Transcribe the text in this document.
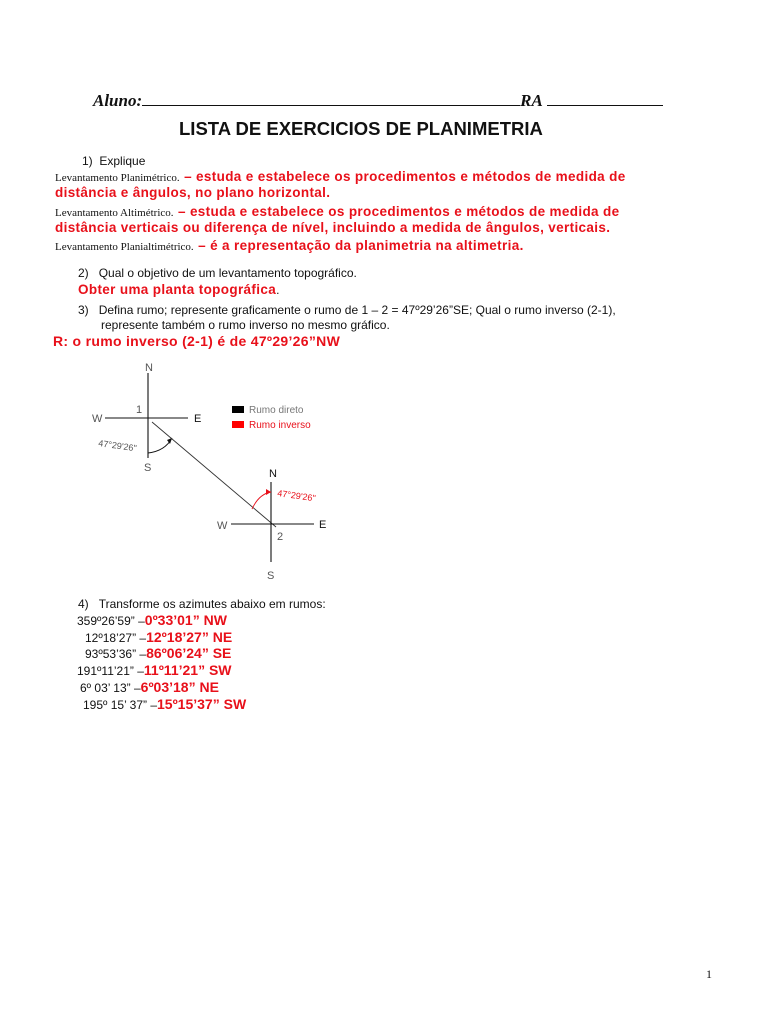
Aluno:	RA
LISTA DE EXERCICIOS DE PLANIMETRIA
1) Explique
Levantamento Planimétrico. – estuda e estabelece os procedimentos e métodos de medida de
distância e ângulos, no plano horizontal.
Levantamento Altimétrico. – estuda e estabelece os procedimentos e métodos de medida de
distância verticais ou diferença de nível, incluindo a medida de ângulos, verticais.
Levantamento Planialtimétrico. – é a representação da planimetria na altimetria.
2) Qual o objetivo de um levantamento topográfico.
Obter uma planta topográfica.
3) Defina rumo; represente graficamente o rumo de 1 – 2 = 47º29’26”SE; Qual o rumo inverso (2-1),
represente também o rumo inverso no mesmo gráfico.
R: o rumo inverso (2-1) é de 47º29’26”NW
N
S
E
W
1
47°29'26"
N
S
E
W
2
47°29'26"
Rumo direto
Rumo inverso
4) Transforme os azimutes abaixo em rumos:
359º26’59” –0º33’01” NW
12º18’27” –12º18’27” NE
93º53’36” –86º06’24” SE
191º11’21” –11º11’21” SW
6º 03’ 13” –6º03’18” NE
195º 15’ 37” –15º15’37” SW
1
